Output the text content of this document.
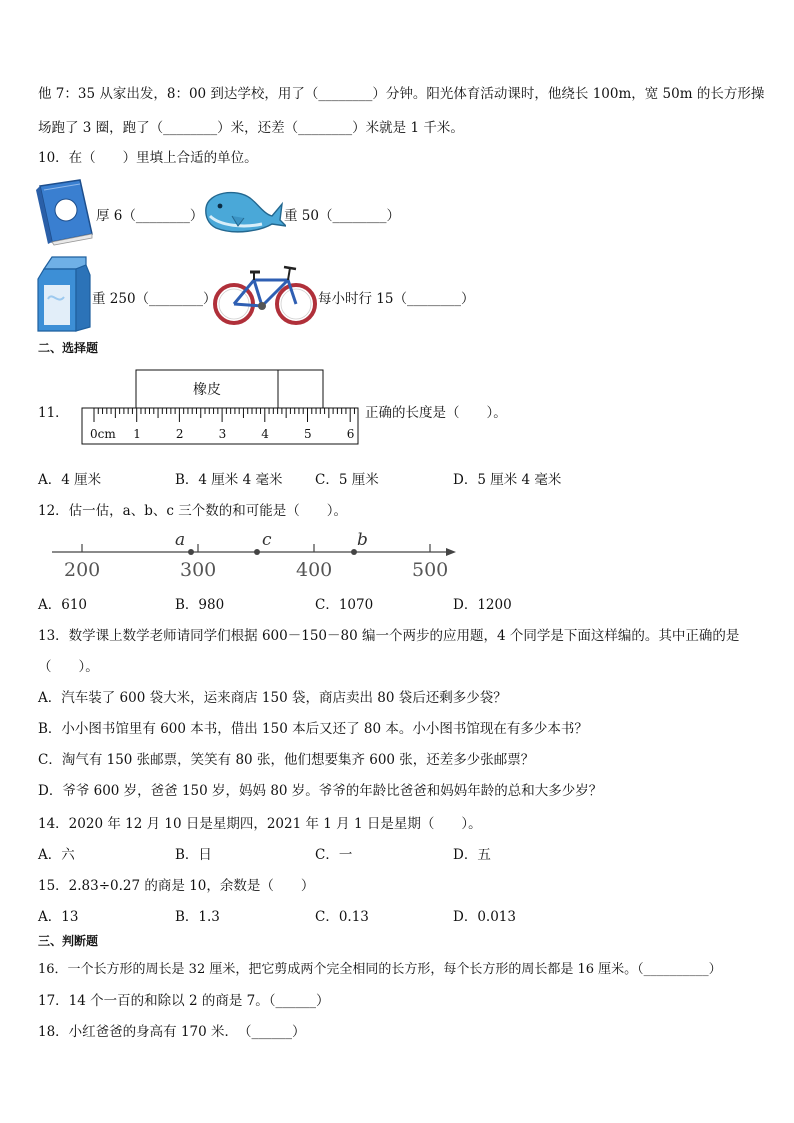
他 7：35 从家出发，8：00 到达学校，用了（________）分钟。阳光体育活动课时，他绕长 100m，宽 50m 的长方形操
场跑了 3 圈，跑了（________）米，还差（________）米就是 1 千米。
10．在（　　）里填上合适的单位。
厚 6（________）	重 50（________）
重 250（________）	每小时行 15（________）
二、选择题
11．
橡皮
0cm 1	2	3	4	5	6
正确的长度是（　　）。
A．4 厘米	B．4 厘米 4 毫米 C．5 厘米	D．5 厘米 4 毫米
12．估一估，a、b、c 三个数的和可能是（　　）。
200	300	400	500
a	c	b
A．610	B．980	C．1070	D．1200
13．数学课上数学老师请同学们根据 600－150－80 编一个两步的应用题，4 个同学是下面这样编的。其中正确的是
（　　）。
A．汽车装了 600 袋大米，运来商店 150 袋，商店卖出 80 袋后还剩多少袋？
B．小小图书馆里有 600 本书，借出 150 本后又还了 80 本。小小图书馆现在有多少本书？
C．淘气有 150 张邮票，笑笑有 80 张，他们想要集齐 600 张，还差多少张邮票？
D．爷爷 600 岁，爸爸 150 岁，妈妈 80 岁。爷爷的年龄比爸爸和妈妈年龄的总和大多少岁？
14．2020 年 12 月 10 日是星期四，2021 年 1 月 1 日是星期（　　）。
A．六	B．日	C．一	D．五
15．2.83÷0.27 的商是 10，余数是（　　）
A．13	B．1.3	C．0.13	D．0.013
三、判断题
16．一个长方形的周长是 32 厘米，把它剪成两个完全相同的长方形，每个长方形的周长都是 16 厘米。（__________）
17．14 个一百的和除以 2 的商是 7。（______）
18．小红爸爸的身高有 170 米．　（______）
